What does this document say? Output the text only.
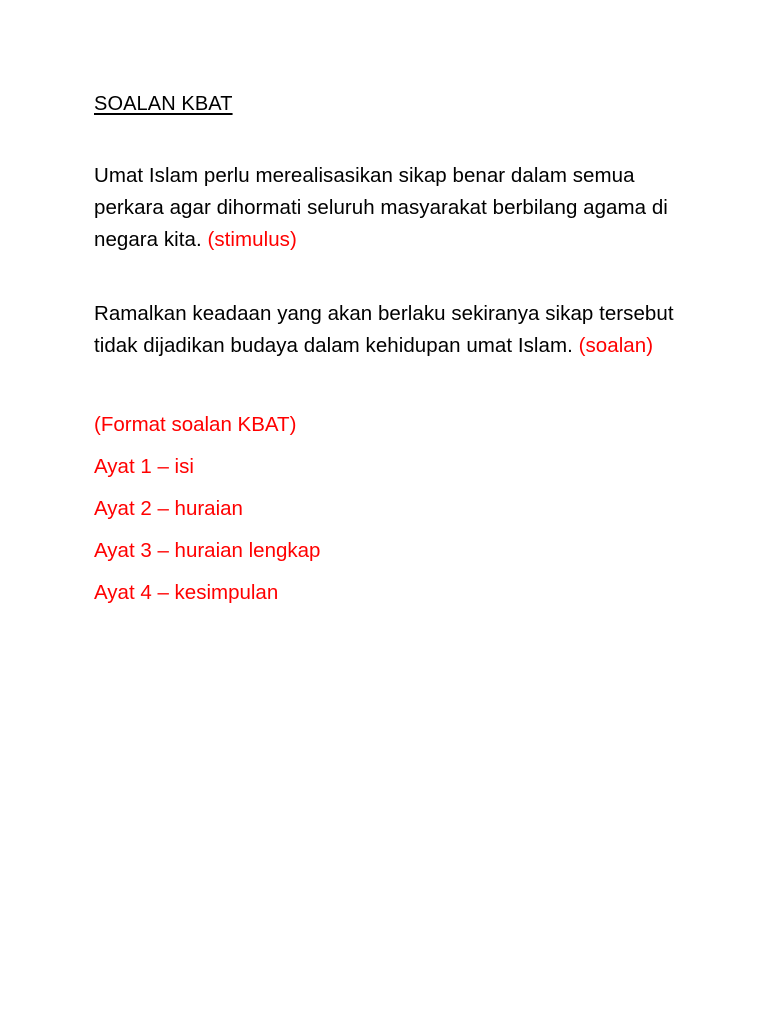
SOALAN KBAT

Umat Islam perlu merealisasikan sikap benar dalam semua perkara agar dihormati seluruh masyarakat berbilang agama di negara kita. (stimulus)

Ramalkan keadaan yang akan berlaku sekiranya sikap tersebut tidak dijadikan budaya dalam kehidupan umat Islam. (soalan)

(Format soalan KBAT)
Ayat 1 – isi
Ayat 2 – huraian
Ayat 3 – huraian lengkap
Ayat 4 – kesimpulan
